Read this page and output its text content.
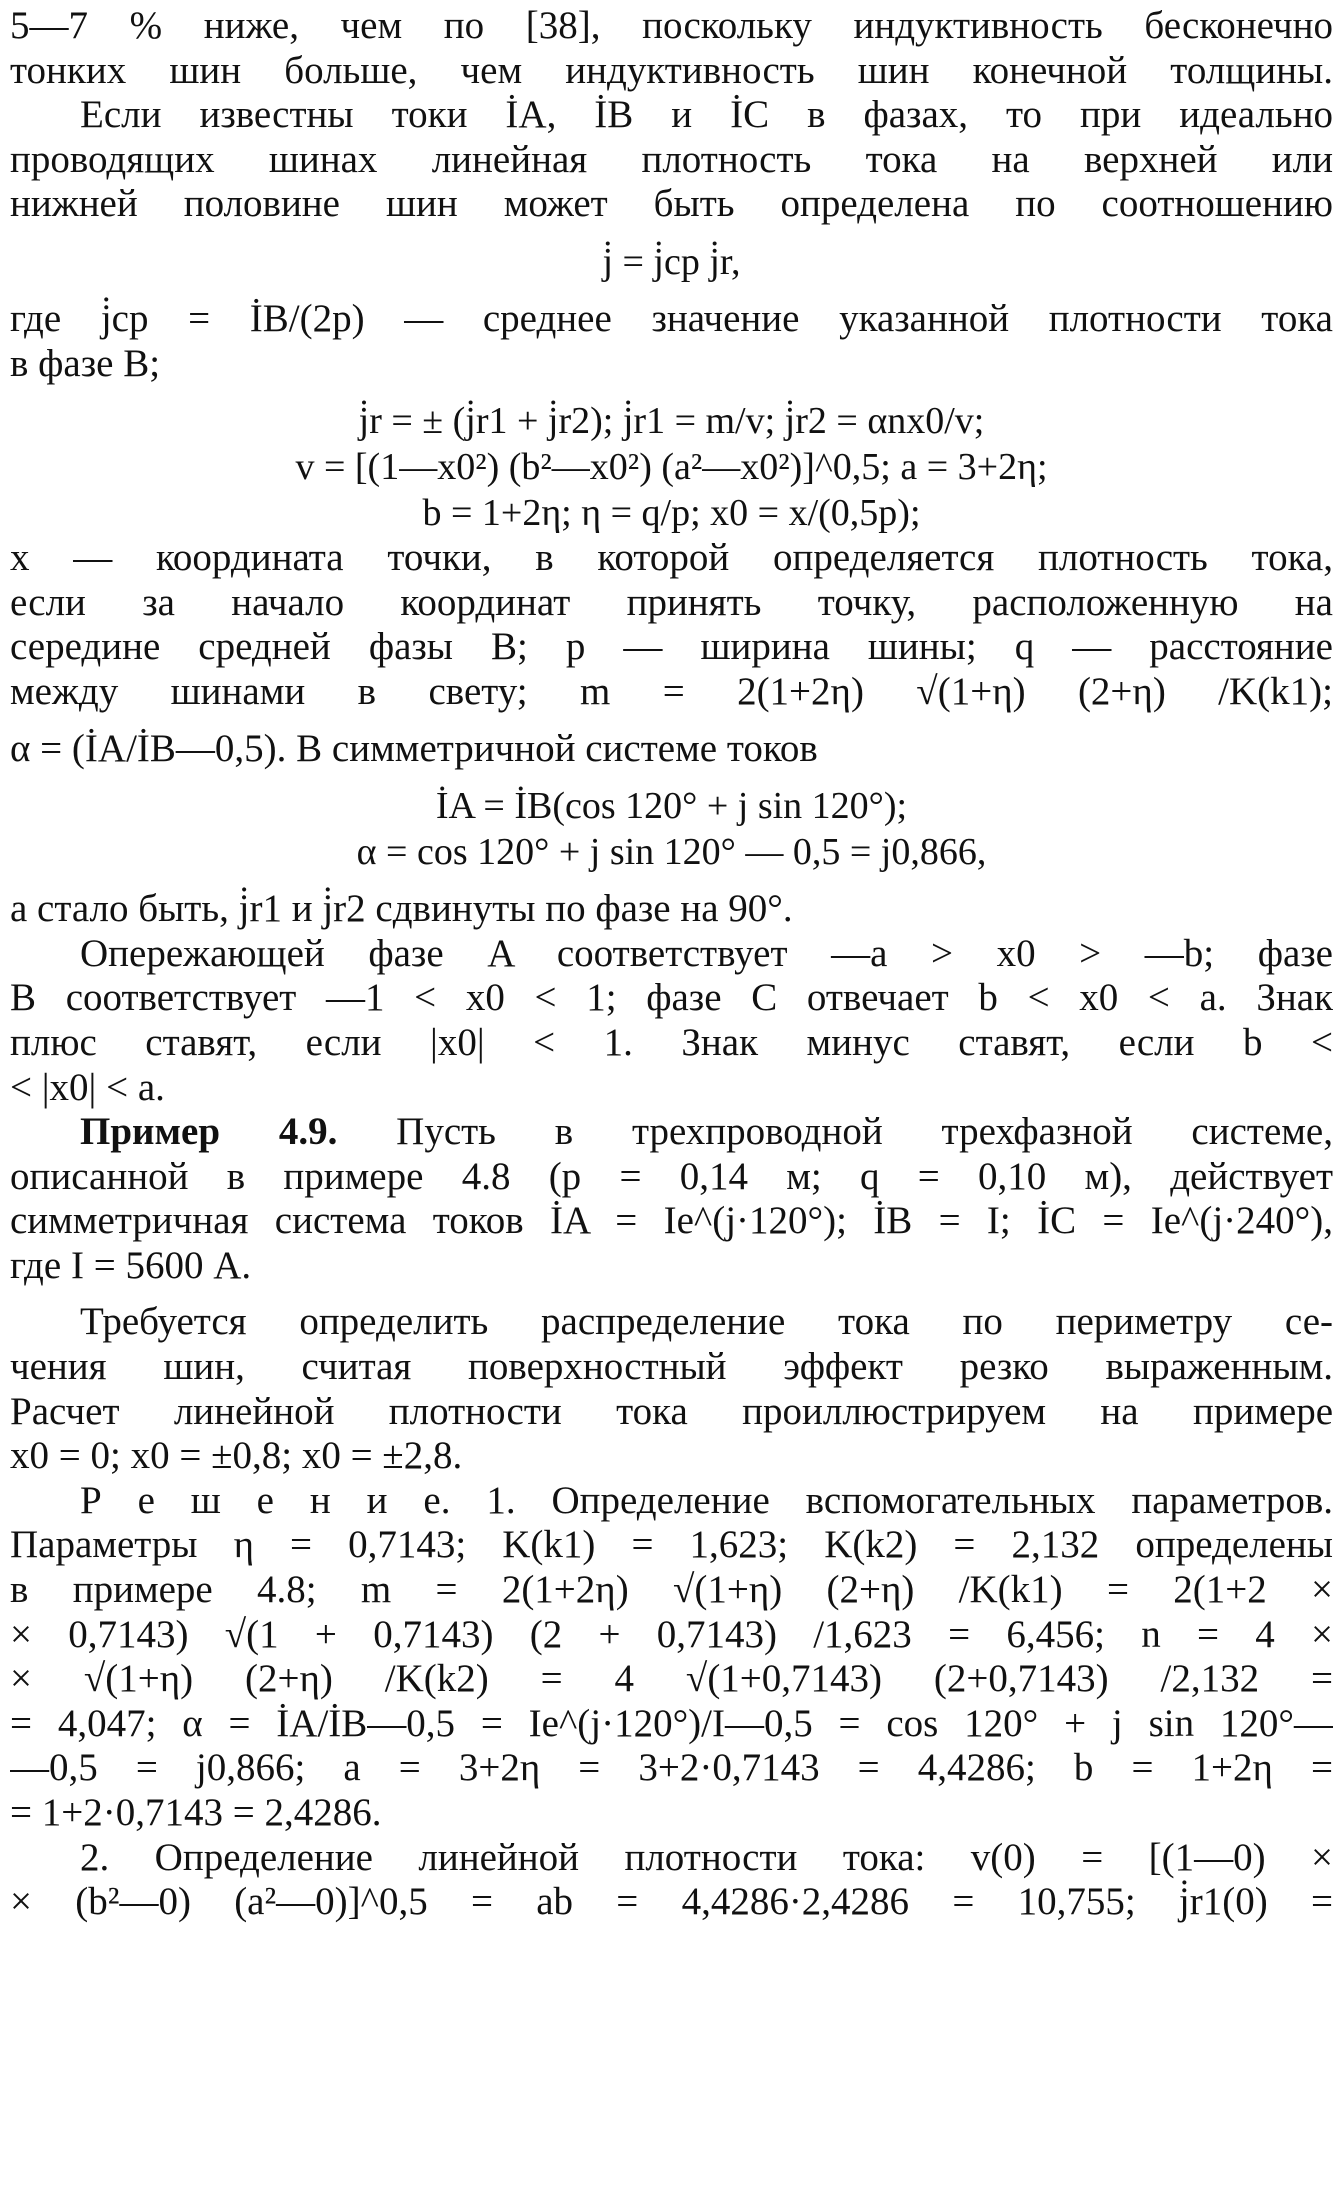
5—7 % ниже, чем по [38], поскольку индуктивность бесконечно
тонких шин больше, чем индуктивность шин конечной толщины.
Если известны токи İA, İB и İC в фазах, то при идеально
проводящих шинах линейная плотность тока на верхней или
нижней половине шин может быть определена по соотношению
j̇ = j̇cp j̇r,
где j̇cp = İB/(2p) — среднее значение указанной плотности тока
в фазе B;
j̇r = ± (j̇r1 + j̇r2); j̇r1 = m/v; j̇r2 = αnx0/v;
v = [(1—x0²) (b²—x0²) (a²—x0²)]^0,5; a = 3+2η;
b = 1+2η; η = q/p; x0 = x/(0,5p);
x — координата точки, в которой определяется плотность тока,
если за начало координат принять точку, расположенную на
середине средней фазы B; p — ширина шины; q — расстояние
между шинами в свету; m = 2(1+2η) √(1+η) (2+η) /K(k1);
α = (İA/İB—0,5). В симметричной системе токов
İA = İB(cos 120° + j sin 120°);
α = cos 120° + j sin 120° — 0,5 = j0,866,
а стало быть, j̇r1 и j̇r2 сдвинуты по фазе на 90°.
Опережающей фазе A соответствует —a > x0 > —b; фазе
B соответствует —1 < x0 < 1; фазе C отвечает b < x0 < a. Знак
плюс ставят, если |x0| < 1. Знак минус ставят, если b <
< |x0| < a.
Пример 4.9. Пусть в трехпроводной трехфазной системе,
описанной в примере 4.8 (p = 0,14 м; q = 0,10 м), действует
симметричная система токов İA = Ie^(j·120°); İB = I; İC = Ie^(j·240°),
где I = 5600 А.
Требуется определить распределение тока по периметру се-
чения шин, считая поверхностный эффект резко выраженным.
Расчет линейной плотности тока проиллюстрируем на примере
x0 = 0; x0 = ±0,8; x0 = ±2,8.
Р е ш е н и е. 1. Определение вспомогательных параметров.
Параметры η = 0,7143; K(k1) = 1,623; K(k2) = 2,132 определены
в примере 4.8; m = 2(1+2η) √(1+η) (2+η) /K(k1) = 2(1+2 ×
× 0,7143) √(1 + 0,7143) (2 + 0,7143) /1,623 = 6,456; n = 4 ×
× √(1+η) (2+η) /K(k2) = 4 √(1+0,7143) (2+0,7143) /2,132 =
= 4,047; α = İA/İB—0,5 = Ie^(j·120°)/I—0,5 = cos 120° + j sin 120°—
—0,5 = j0,866; a = 3+2η = 3+2·0,7143 = 4,4286; b = 1+2η =
= 1+2·0,7143 = 2,4286.
2. Определение линейной плотности тока: v(0) = [(1—0) ×
× (b²—0) (a²—0)]^0,5 = ab = 4,4286·2,4286 = 10,755; j̇r1(0) =
